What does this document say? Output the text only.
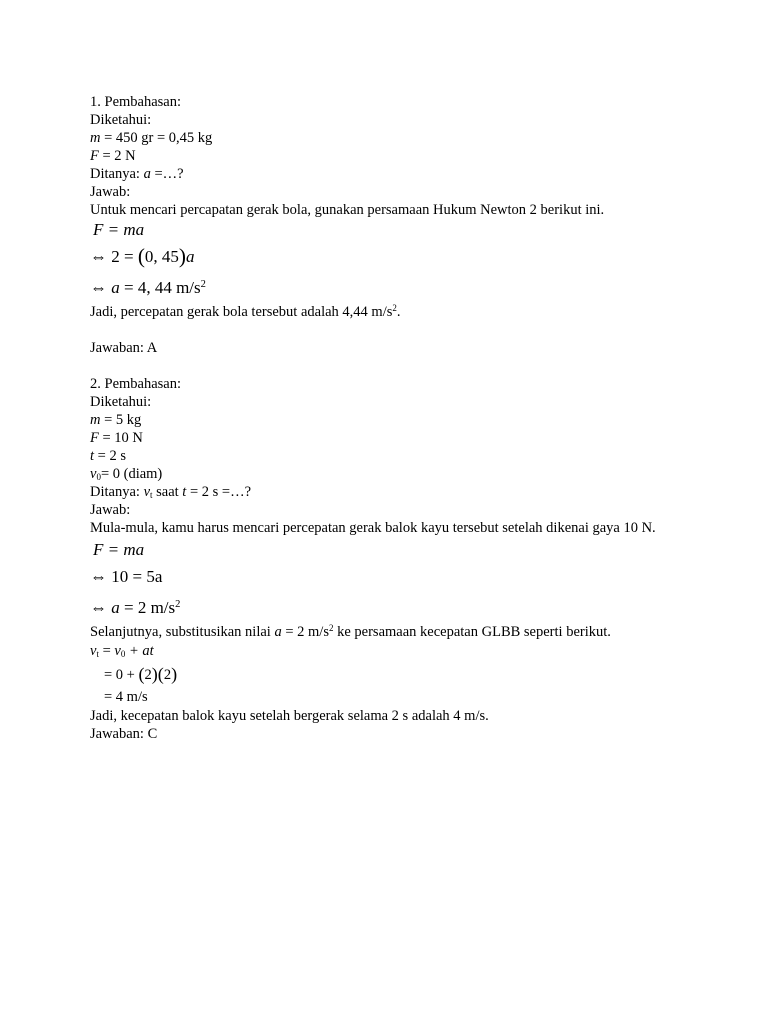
1. Pembahasan:
Diketahui:
m = 450 gr = 0,45 kg
F = 2 N
Ditanya: a =…?
Jawab:
Untuk mencari percapatan gerak bola, gunakan persamaan Hukum Newton 2 berikut ini.
F = ma
⇔ 2 = (0, 45)a
⇔ a = 4, 44 $m/s^2$
Jadi, percepatan gerak bola tersebut adalah 4,44 $m/s^2$.
Jawaban: A
2. Pembahasan:
Diketahui:
m = 5 kg
F = 10 N
t = 2 s
$v_0= 0$ (diam)
Ditanya: $v_t$ saat t = 2 s =…?
Jawab:
Mula-mula, kamu harus mencari percepatan gerak balok kayu tersebut setelah dikenai gaya 10 N.
F = ma
⇔ 10 = 5a
⇔ a = 2 $m/s^2$
Selanjutnya, substitusikan nilai a = 2 $m/s^2$ ke persamaan kecepatan GLBB seperti berikut.
$v_t = v_0$ + at
= 0 + (2)(2)
= 4 m/s
Jadi, kecepatan balok kayu setelah bergerak selama 2 s adalah 4 m/s.
Jawaban: C
